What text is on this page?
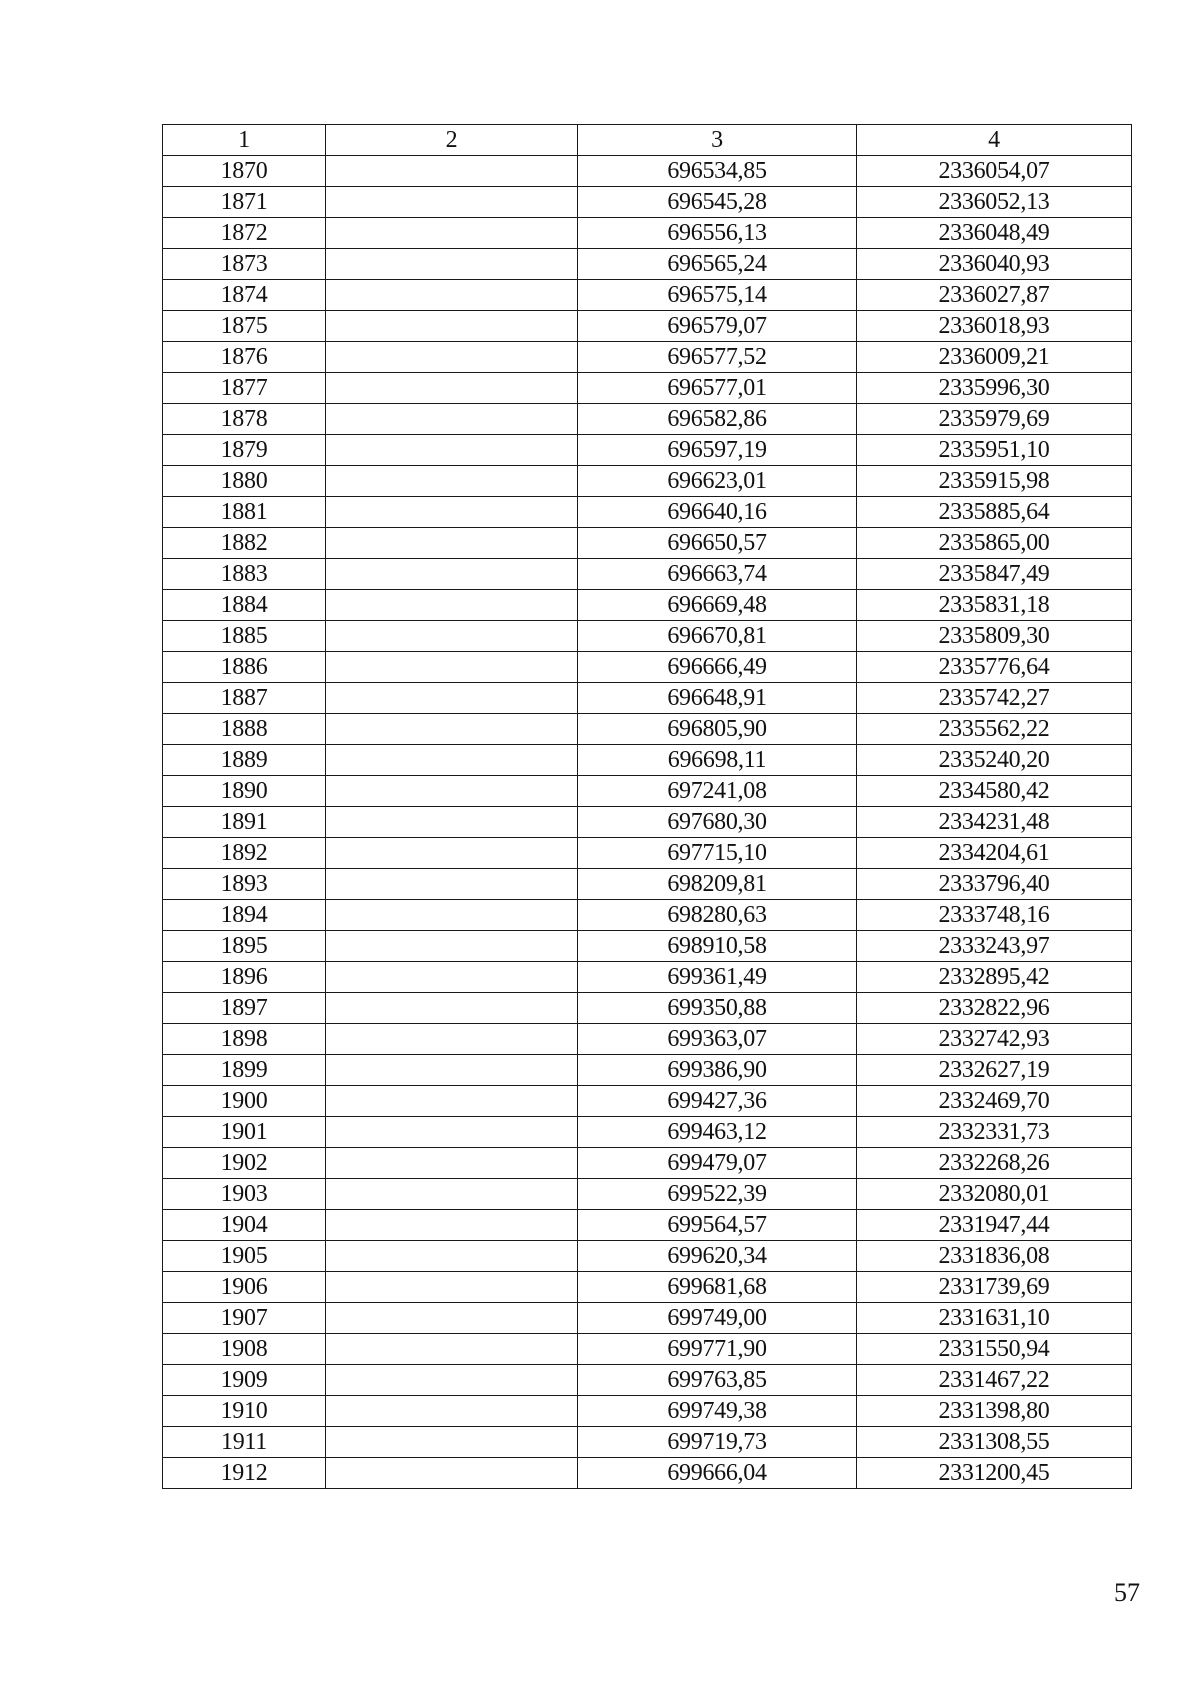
1	2	3	4
1870		696534,85	2336054,07
1871		696545,28	2336052,13
1872		696556,13	2336048,49
1873		696565,24	2336040,93
1874		696575,14	2336027,87
1875		696579,07	2336018,93
1876		696577,52	2336009,21
1877		696577,01	2335996,30
1878		696582,86	2335979,69
1879		696597,19	2335951,10
1880		696623,01	2335915,98
1881		696640,16	2335885,64
1882		696650,57	2335865,00
1883		696663,74	2335847,49
1884		696669,48	2335831,18
1885		696670,81	2335809,30
1886		696666,49	2335776,64
1887		696648,91	2335742,27
1888		696805,90	2335562,22
1889		696698,11	2335240,20
1890		697241,08	2334580,42
1891		697680,30	2334231,48
1892		697715,10	2334204,61
1893		698209,81	2333796,40
1894		698280,63	2333748,16
1895		698910,58	2333243,97
1896		699361,49	2332895,42
1897		699350,88	2332822,96
1898		699363,07	2332742,93
1899		699386,90	2332627,19
1900		699427,36	2332469,70
1901		699463,12	2332331,73
1902		699479,07	2332268,26
1903		699522,39	2332080,01
1904		699564,57	2331947,44
1905		699620,34	2331836,08
1906		699681,68	2331739,69
1907		699749,00	2331631,10
1908		699771,90	2331550,94
1909		699763,85	2331467,22
1910		699749,38	2331398,80
1911		699719,73	2331308,55
1912		699666,04	2331200,45
57
